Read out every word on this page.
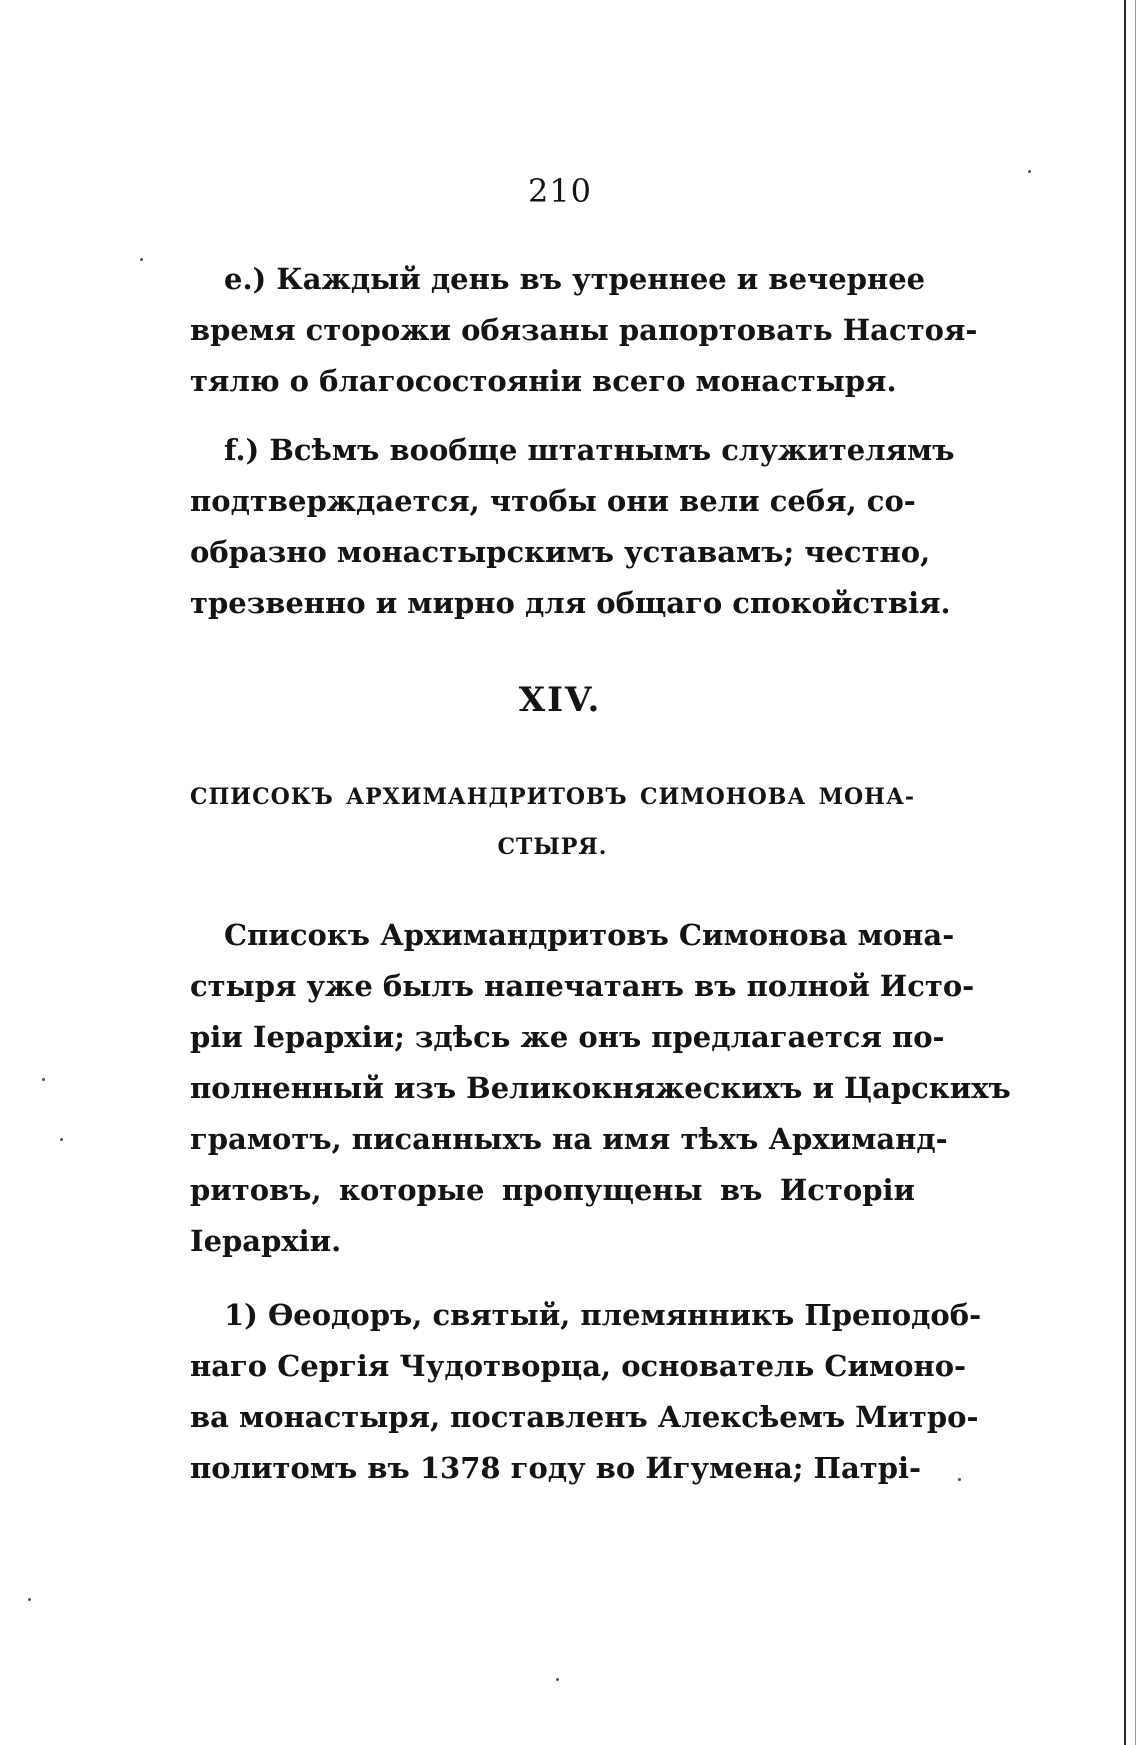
210
e.) Каждый день въ утреннее и вечернее
время сторожи обязаны рапортовать Настоя-
тялю о благосостояніи всего монастыря.
f.) Всѣмъ вообще штатнымъ служителямъ
подтверждается, чтобы они вели себя, со-
образно монастырскимъ уставамъ; честно,
трезвенно и мирно для общаго спокойствія.
XIV.
СПИСОКЪ АРХИМАНДРИТОВЪ СИМОНОВА МОНА-
СТЫРЯ.
Списокъ Архимандритовъ Симонова мона-
стыря уже былъ напечатанъ въ полной Исто-
ріи Іерархіи; здѣсь же онъ предлагается по-
полненный изъ Великокняжескихъ и Царскихъ
грамотъ, писанныхъ на имя тѣхъ Архиманд-
ритовъ, которые пропущены въ Исторіи
Іерархіи.
1) Ѳеодоръ, святый, племянникъ Преподоб-
наго Сергія Чудотворца, основатель Симоно-
ва монастыря, поставленъ Алексѣемъ Митро-
политомъ въ 1378 году во Игумена; Патрі-
